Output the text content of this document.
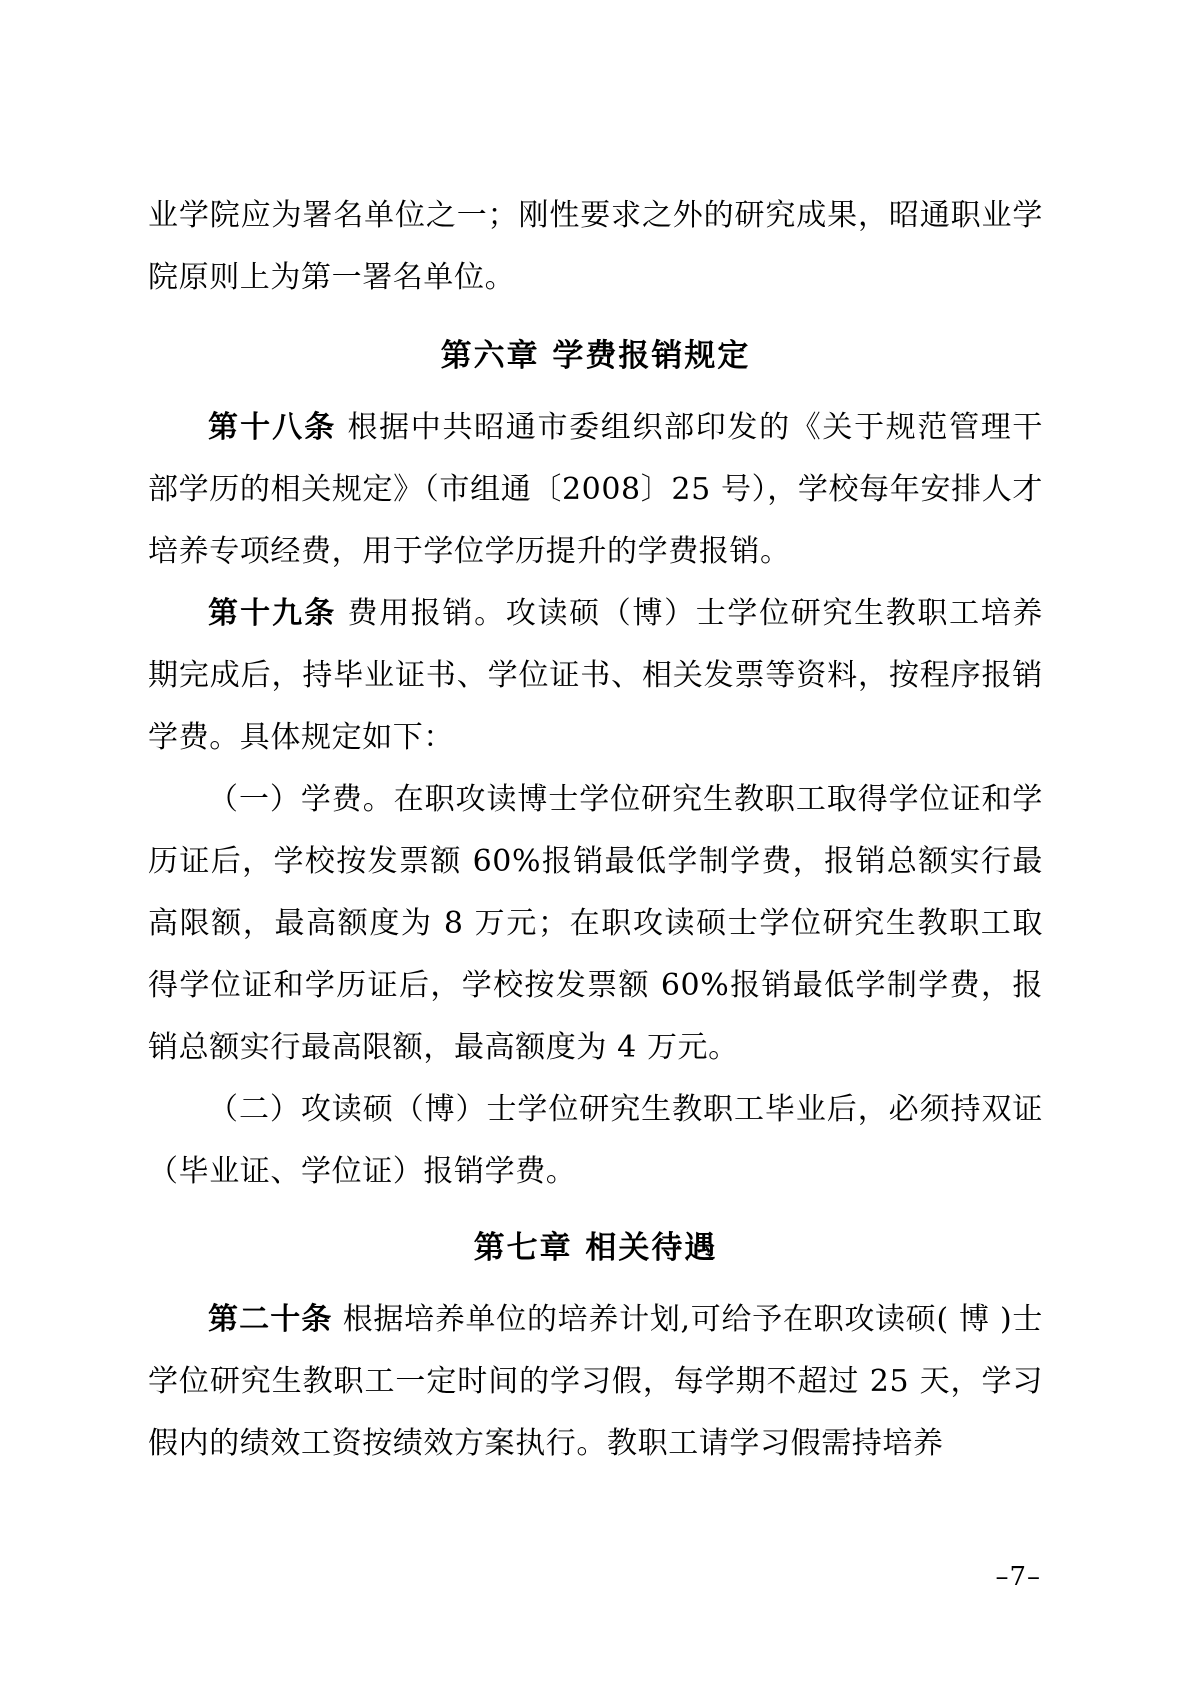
业学院应为署名单位之一；刚性要求之外的研究成果，昭通职业学院原则上为第一署名单位。

第六章 学费报销规定

第十八条 根据中共昭通市委组织部印发的《关于规范管理干部学历的相关规定》（市组通〔2008〕25 号），学校每年安排人才培养专项经费，用于学位学历提升的学费报销。

第十九条 费用报销。攻读硕（博）士学位研究生教职工培养期完成后，持毕业证书、学位证书、相关发票等资料，按程序报销学费。具体规定如下：

（一）学费。在职攻读博士学位研究生教职工取得学位证和学历证后，学校按发票额 60%报销最低学制学费，报销总额实行最高限额，最高额度为 8 万元；在职攻读硕士学位研究生教职工取得学位证和学历证后，学校按发票额 60%报销最低学制学费，报销总额实行最高限额，最高额度为 4 万元。

（二）攻读硕（博）士学位研究生教职工毕业后，必须持双证（毕业证、学位证）报销学费。

第七章 相关待遇

第二十条 根据培养单位的培养计划,可给予在职攻读硕( 博 )士学位研究生教职工一定时间的学习假，每学期不超过 25 天，学习假内的绩效工资按绩效方案执行。教职工请学习假需持培养

–7–
